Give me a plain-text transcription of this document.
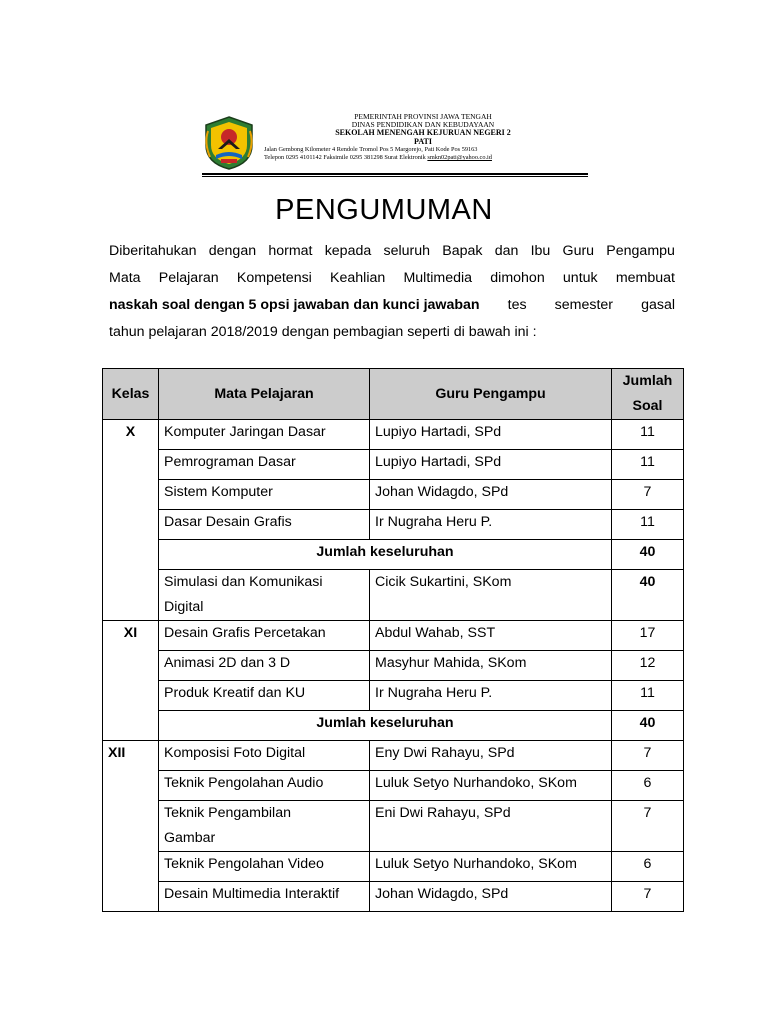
PEMERINTAH PROVINSI JAWA TENGAH
DINAS PENDIDIKAN DAN KEBUDAYAAN
SEKOLAH MENENGAH KEJURUAN NEGERI 2
PATI
Jalan Gembong Kilometer 4 Rendole Tromol Pos 5 Margorejo, Pati Kode Pos 59163
Telepon 0295 4101142 Faksimile 0295 381298 Surat Elektronik smkn02pati@yahoo.co.id
PENGUMUMAN
Diberitahukan dengan hormat kepada seluruh Bapak dan Ibu Guru Pengampu
Mata Pelajaran Kompetensi Keahlian Multimedia dimohon untuk membuat
naskah soal dengan 5 opsi jawaban dan kunci jawaban tes semester gasal
tahun pelajaran 2018/2019 dengan pembagian seperti di bawah ini :
Kelas	Mata Pelajaran	Guru Pengampu	Jumlah
Soal

X	Komputer Jaringan Dasar	Lupiyo Hartadi, SPd	11
	Pemrograman Dasar	Lupiyo Hartadi, SPd	11
	Sistem Komputer	Johan Widagdo, SPd	7
	Dasar Desain Grafis	Ir Nugraha Heru P.	11
	Jumlah keseluruhan		40

	Simulasi dan Komunikasi
Digital	Cicik Sukartini, SKom	40
XI	Desain Grafis Percetakan	Abdul Wahab, SST	17
	Animasi 2D dan 3 D	Masyhur Mahida, SKom	12
	Produk Kreatif dan KU	Ir Nugraha Heru P.	11
	Jumlah keseluruhan		40
XII	Komposisi Foto Digital	Eny Dwi Rahayu, SPd	7
	Teknik Pengolahan Audio	Luluk Setyo Nurhandoko, SKom	6

	Teknik Pengambilan
Gambar	Eni Dwi Rahayu, SPd	7
	Teknik Pengolahan Video	Luluk Setyo Nurhandoko, SKom	6
	Desain Multimedia Interaktif	Johan Widagdo, SPd	7
